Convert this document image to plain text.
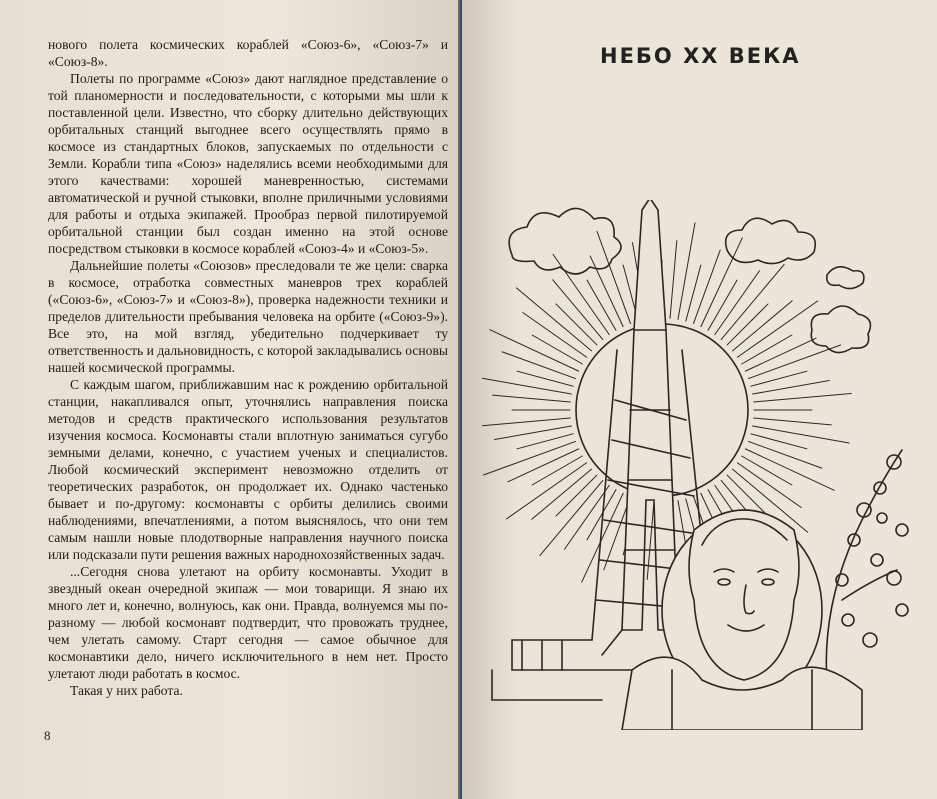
нового полета космических кораблей «Союз-6», «Союз-7» и «Союз-8».

Полеты по программе «Союз» дают наглядное представление о той планомерности и последовательности, с которыми мы шли к поставленной цели. Известно, что сборку длительно действующих орбитальных станций выгоднее всего осуществлять прямо в космосе из стандартных блоков, запускаемых по отдельности с Земли. Корабли типа «Союз» наделялись всеми необходимыми для этого качествами: хорошей маневренностью, системами автоматической и ручной стыковки, вполне приличными условиями для работы и отдыха экипажей. Прообраз первой пилотируемой орбитальной станции был создан именно на этой основе посредством стыковки в космосе кораблей «Союз-4» и «Союз-5».

Дальнейшие полеты «Союзов» преследовали те же цели: сварка в космосе, отработка совместных маневров трех кораблей («Союз-6», «Союз-7» и «Союз-8»), проверка надежности техники и пределов длительности пребывания человека на орбите («Союз-9»). Все это, на мой взгляд, убедительно подчеркивает ту ответственность и дальновидность, с которой закладывались основы нашей космической программы.

С каждым шагом, приближавшим нас к рождению орбитальной станции, накапливался опыт, уточнялись направления поиска методов и средств практического использования результатов изучения космоса. Космонавты стали вплотную заниматься сугубо земными делами, конечно, с участием ученых и специалистов. Любой космический эксперимент невозможно отделить от теоретических разработок, он продолжает их. Однако частенько бывает и по-другому: космонавты с орбиты делились своими наблюдениями, впечатлениями, а потом выяснялось, что они тем самым нашли новые плодотворные направления научного поиска или подсказали пути решения важных народнохозяйственных задач.

...Сегодня снова улетают на орбиту космонавты. Уходит в звездный океан очередной экипаж — мои товарищи. Я знаю их много лет и, конечно, волнуюсь, как они. Правда, волнуемся мы по-разному — любой космонавт подтвердит, что провожать труднее, чем улетать самому. Старт сегодня — самое обычное для космонавтики дело, ничего исключительного в нем нет. Просто улетают люди работать в космос.

Такая у них работа.

8
НЕБО XX ВЕКА
